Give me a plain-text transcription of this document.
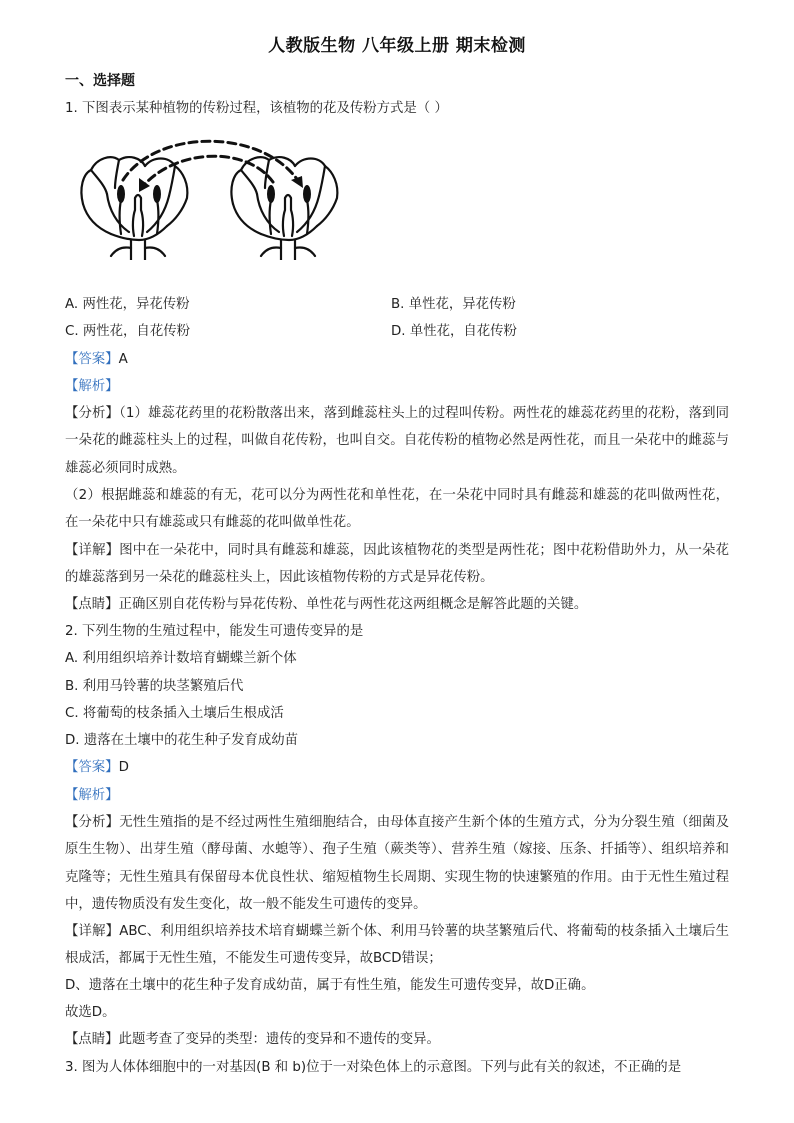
人教版生物 八年级上册 期末检测
一、选择题
1. 下图表示某种植物的传粉过程，该植物的花及传粉方式是（ ）
A. 两性花，异花传粉	B. 单性花，异花传粉
C. 两性花，自花传粉	D. 单性花，自花传粉
【答案】A
【解析】
【分析】（1）雄蕊花药里的花粉散落出来，落到雌蕊柱头上的过程叫传粉。两性花的雄蕊花药里的花粉，落到同一朵花的雌蕊柱头上的过程，叫做自花传粉，也叫自交。自花传粉的植物必然是两性花，而且一朵花中的雌蕊与雄蕊必须同时成熟。
（2）根据雌蕊和雄蕊的有无，花可以分为两性花和单性花，在一朵花中同时具有雌蕊和雄蕊的花叫做两性花，在一朵花中只有雄蕊或只有雌蕊的花叫做单性花。
【详解】图中在一朵花中，同时具有雌蕊和雄蕊，因此该植物花的类型是两性花；图中花粉借助外力，从一朵花的雄蕊落到另一朵花的雌蕊柱头上，因此该植物传粉的方式是异花传粉。
【点睛】正确区别自花传粉与异花传粉、单性花与两性花这两组概念是解答此题的关键。
2. 下列生物的生殖过程中，能发生可遗传变异的是
A. 利用组织培养计数培育蝴蝶兰新个体
B. 利用马铃薯的块茎繁殖后代
C. 将葡萄的枝条插入土壤后生根成活
D. 遗落在土壤中的花生种子发育成幼苗
【答案】D
【解析】
【分析】无性生殖指的是不经过两性生殖细胞结合，由母体直接产生新个体的生殖方式，分为分裂生殖（细菌及原生生物）、出芽生殖（酵母菌、水螅等）、孢子生殖（蕨类等）、营养生殖（嫁接、压条、扦插等）、组织培养和克隆等；无性生殖具有保留母本优良性状、缩短植物生长周期、实现生物的快速繁殖的作用。由于无性生殖过程中，遗传物质没有发生变化，故一般不能发生可遗传的变异。
【详解】ABC、利用组织培养技术培育蝴蝶兰新个体、利用马铃薯的块茎繁殖后代、将葡萄的枝条插入土壤后生根成活，都属于无性生殖，不能发生可遗传变异，故BCD错误；
D、遗落在土壤中的花生种子发育成幼苗，属于有性生殖，能发生可遗传变异，故D正确。
故选D。
【点睛】此题考查了变异的类型：遗传的变异和不遗传的变异。
3. 图为人体体细胞中的一对基因(B 和 b)位于一对染色体上的示意图。下列与此有关的叙述，不正确的是
